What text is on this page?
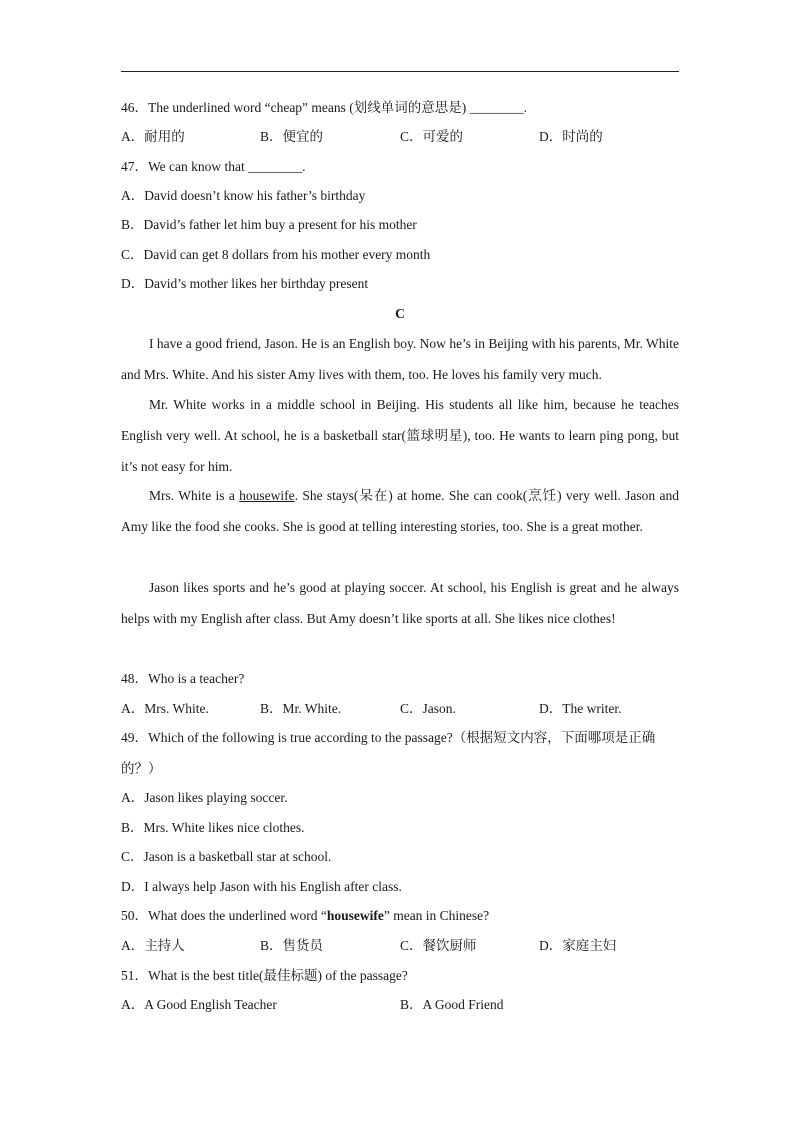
46．The underlined word “cheap” means (划线单词的意思是) ________.
A．耐用的	B．便宜的	C．可爱的	D．时尚的
47．We can know that ________.
A．David doesn’t know his father’s birthday
B．David’s father let him buy a present for his mother
C．David can get 8 dollars from his mother every month
D．David’s mother likes her birthday present
C

I have a good friend, Jason. He is an English boy. Now he’s in Beijing with his parents, Mr. White and Mrs. White. And his sister Amy lives with them, too. He loves his family very much.

Mr. White works in a middle school in Beijing. His students all like him, because he teaches English very well. At school, he is a basketball star(篮球明星), too. He wants to learn ping pong, but it’s not easy for him.

Mrs. White is a housewife. She stays(呆在) at home. She can cook(烹饪) very well. Jason and Amy like the food she cooks. She is good at telling interesting stories, too. She is a great mother.

Jason likes sports and he’s good at playing soccer. At school, his English is great and he always helps with my English after class. But Amy doesn’t like sports at all. She likes nice clothes!

48．Who is a teacher?
A．Mrs. White.	B．Mr. White.	C．Jason.	D．The writer.
49．Which of the following is true according to the passage?（根据短文内容，下面哪项是正确
的？）
A．Jason likes playing soccer.
B．Mrs. White likes nice clothes.
C．Jason is a basketball star at school.
D．I always help Jason with his English after class.
50．What does the underlined word “housewife” mean in Chinese?
A．主持人	B．售货员	C．餐饮厨师	D．家庭主妇
51．What is the best title(最佳标题) of the passage?
A．A Good English Teacher	B．A Good Friend
